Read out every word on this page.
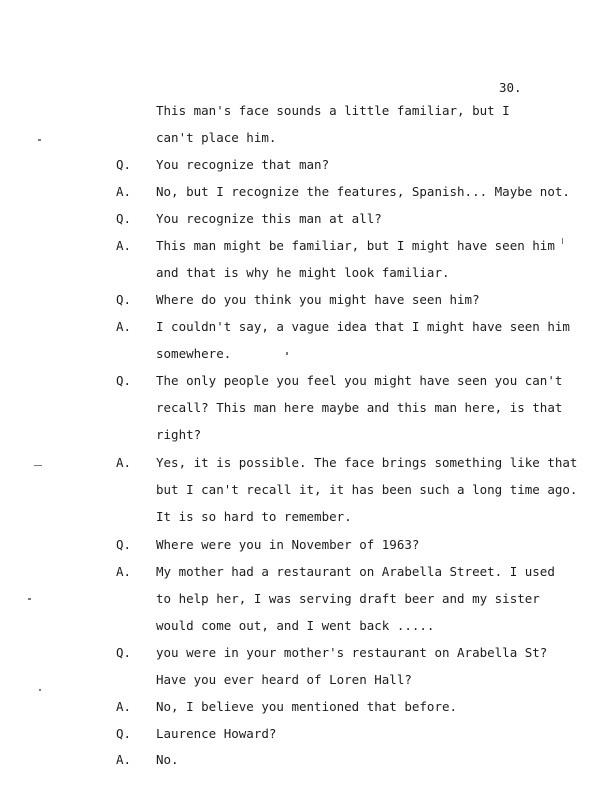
30.
This man's face sounds a little familiar, but I
can't place him.
Q. You recognize that man?
A. No, but I recognize the features, Spanish... Maybe not.
Q. You recognize this man at all?
A. This man might be familiar, but I might have seen him
and that is why he might look familiar.
Q. Where do you think you might have seen him?
A. I couldn't say, a vague idea that I might have seen him
somewhere.
Q. The only people you feel you might have seen you can't
recall? This man here maybe and this man here, is that
right?
A. Yes, it is possible. The face brings something like that
but I can't recall it, it has been such a long time ago.
It is so hard to remember.
Q. Where were you in November of 1963?
A. My mother had a restaurant on Arabella Street. I used
to help her, I was serving draft beer and my sister
would come out, and I went back .....
Q. you were in your mother's restaurant on Arabella St?
Have you ever heard of Loren Hall?
A. No, I believe you mentioned that before.
Q. Laurence Howard?
A. No.
